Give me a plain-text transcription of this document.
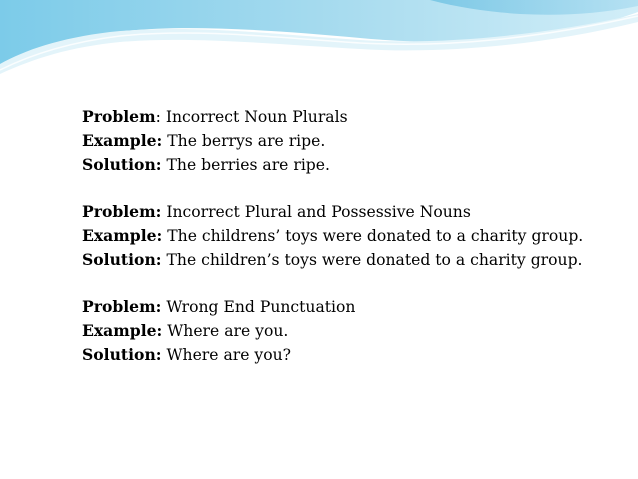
Problem: Incorrect Noun Plurals

Example: The berrys are ripe.

Solution: The berries are ripe.

Problem: Incorrect Plural and Possessive Nouns

Example: The childrens’ toys were donated to a charity group.

Solution: The children’s toys were donated to a charity group.

Problem: Wrong End Punctuation

Example: Where are you.

Solution: Where are you?
